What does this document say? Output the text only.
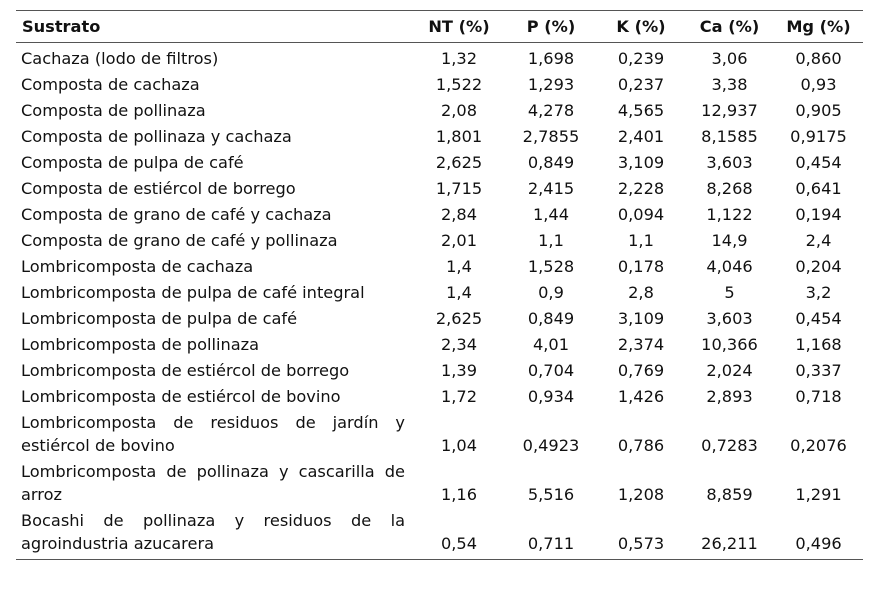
Sustrato	NT (%)	P (%)	K (%)	Ca (%)	Mg (%)
Cachaza (lodo de filtros)	1,32	1,698	0,239	3,06	0,860
Composta de cachaza	1,522	1,293	0,237	3,38	0,93
Composta de pollinaza	2,08	4,278	4,565	12,937	0,905
Composta de pollinaza y cachaza	1,801	2,7855	2,401	8,1585	0,9175
Composta de pulpa de café	2,625	0,849	3,109	3,603	0,454
Composta de estiércol de borrego	1,715	2,415	2,228	8,268	0,641
Composta de grano de café y cachaza	2,84	1,44	0,094	1,122	0,194
Composta de grano de café y pollinaza	2,01	1,1	1,1	14,9	2,4
Lombricomposta de cachaza	1,4	1,528	0,178	4,046	0,204
Lombricomposta de pulpa de café integral	1,4	0,9	2,8	5	3,2
Lombricomposta de pulpa de café	2,625	0,849	3,109	3,603	0,454
Lombricomposta de pollinaza	2,34	4,01	2,374	10,366	1,168
Lombricomposta de estiércol de borrego	1,39	0,704	0,769	2,024	0,337
Lombricomposta de estiércol de bovino	1,72	0,934	1,426	2,893	0,718
Lombricomposta de residuos de jardín y estiércol de bovino	1,04	0,4923	0,786	0,7283	0,2076
Lombricomposta de pollinaza y cascarilla de arroz	1,16	5,516	1,208	8,859	1,291
Bocashi de pollinaza y residuos de la agroindustria azucarera	0,54	0,711	0,573	26,211	0,496
